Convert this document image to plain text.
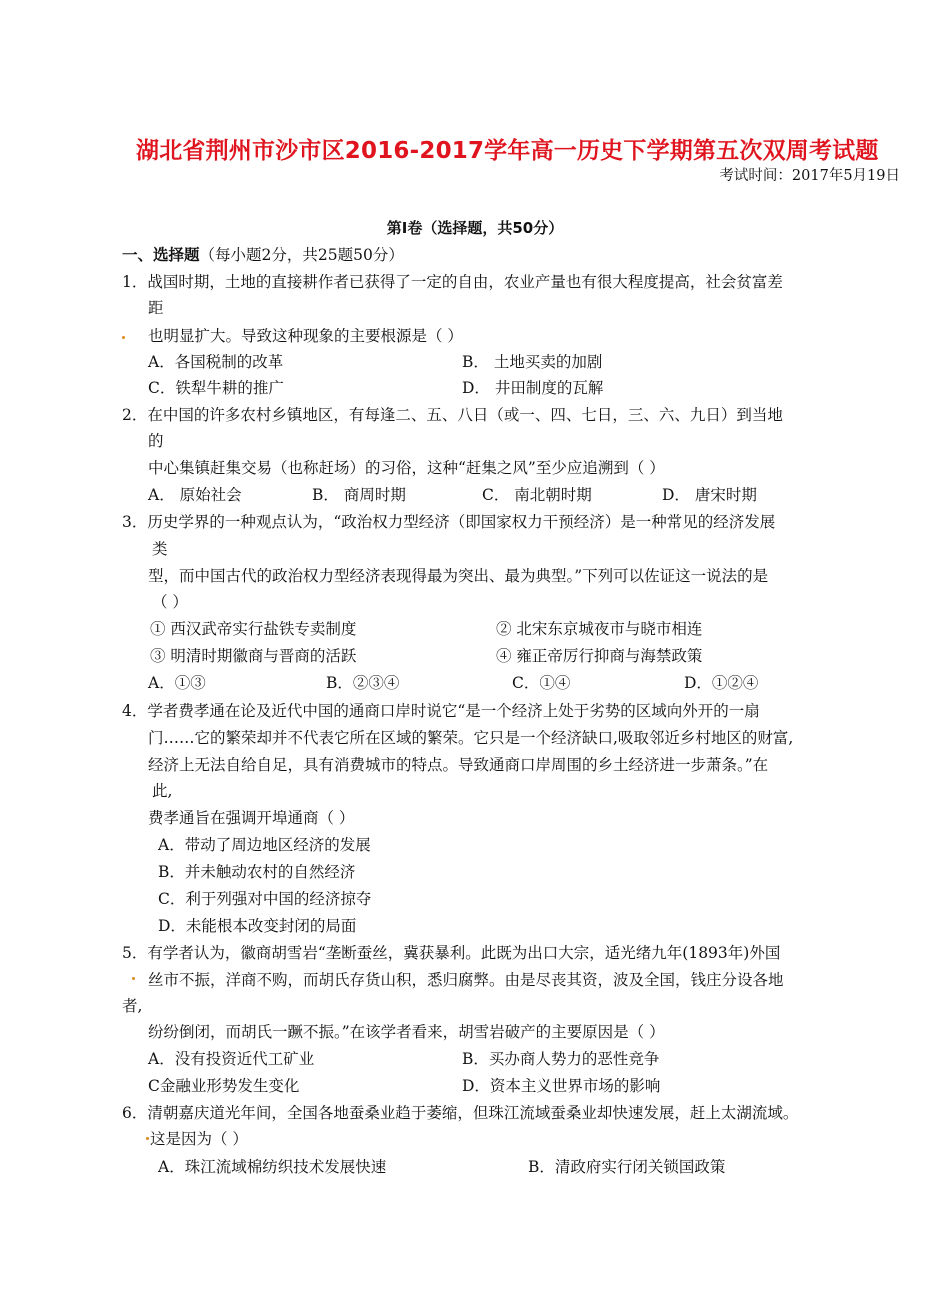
湖北省荆州市沙市区2016-2017学年高一历史下学期第五次双周考试题
考试时间：2017年5月19日
第Ⅰ卷（选择题，共50分）
一、选择题（每小题2分，共25题50分）
1．战国时期，土地的直接耕作者已获得了一定的自由，农业产量也有很大程度提高，社会贫富差
距
也明显扩大。导致这种现象的主要根源是（ ）
A．各国税制的改革	B． 土地买卖的加剧
C．铁犁牛耕的推广	D． 井田制度的瓦解
2．在中国的许多农村乡镇地区，有每逢二、五、八日（或一、四、七日，三、六、九日）到当地
的
中心集镇赶集交易（也称赶场）的习俗，这种“赶集之风”至少应追溯到（ ）
A． 原始社会	B． 商周时期	C． 南北朝时期	D． 唐宋时期
3．历史学界的一种观点认为，“政治权力型经济（即国家权力干预经济）是一种常见的经济发展
类
型，而中国古代的政治权力型经济表现得最为突出、最为典型。”下列可以佐证这一说法的是
（ ）
① 西汉武帝实行盐铁专卖制度	② 北宋东京城夜市与晓市相连
③ 明清时期徽商与晋商的活跃	④ 雍正帝厉行抑商与海禁政策
A．①③	B．②③④	C．①④	D．①②④
4．学者费孝通在论及近代中国的通商口岸时说它“是一个经济上处于劣势的区域向外开的一扇
门……它的繁荣却并不代表它所在区域的繁荣。它只是一个经济缺口,吸取邻近乡村地区的财富,
经济上无法自给自足，具有消费城市的特点。导致通商口岸周围的乡土经济进一步萧条。”在
此,
费孝通旨在强调开埠通商（ ）
A．带动了周边地区经济的发展
B．并未触动农村的自然经济
C．利于列强对中国的经济掠夺
D．未能根本改变封闭的局面
5．有学者认为，徽商胡雪岩“垄断蚕丝，冀获暴利。此既为出口大宗，适光绪九年(1893年)外国
丝市不振，洋商不购，而胡氏存货山积，悉归腐弊。由是尽丧其资，波及全国，钱庄分设各地
者,
纷纷倒闭，而胡氏一蹶不振。”在该学者看来，胡雪岩破产的主要原因是（ ）
A．没有投资近代工矿业	B．买办商人势力的恶性竞争
C金融业形势发生变化	D．资本主义世界市场的影响
6．清朝嘉庆道光年间，全国各地蚕桑业趋于萎缩，但珠江流域蚕桑业却快速发展，赶上太湖流域。
这是因为（ ）
A．珠江流域棉纺织技术发展快速	B．清政府实行闭关锁国政策
